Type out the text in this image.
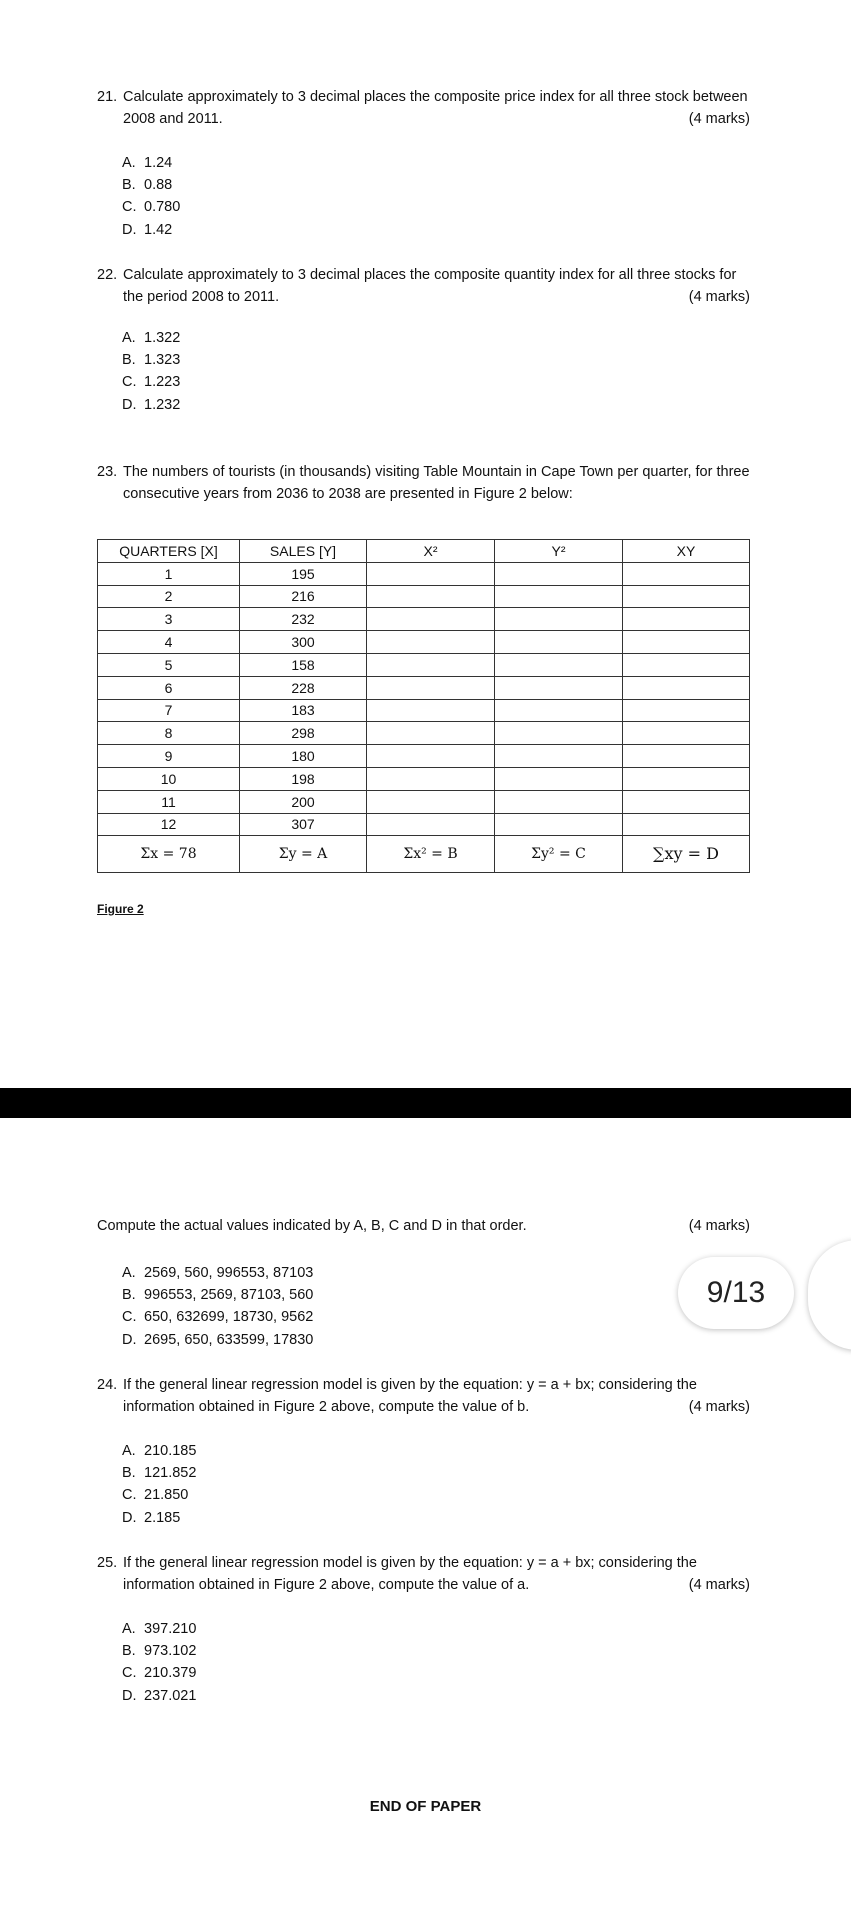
21. Calculate approximately to 3 decimal places the composite price index for all three stock between 2008 and 2011.	(4 marks)
A. 1.24
B. 0.88
C. 0.780
D. 1.42
22. Calculate approximately to 3 decimal places the composite quantity index for all three stocks for the period 2008 to 2011.	(4 marks)
A. 1.322
B. 1.323
C. 1.223
D. 1.232
23. The numbers of tourists (in thousands) visiting Table Mountain in Cape Town per quarter, for three consecutive years from 2036 to 2038 are presented in Figure 2 below:
QUARTERS [X]	SALES [Y]	X²	Y²	XY
1	195			
2	216			
3	232			
4	300			
5	158			
6	228			
7	183			
8	298			
9	180			
10	198			
11	200			
12	307			
Σx = 78	Σy = A	Σx² = B	Σy² = C	∑xy = D
Figure 2
Compute the actual values indicated by A, B, C and D in that order.	(4 marks)
A. 2569, 560, 996553, 87103
B. 996553, 2569, 87103, 560
C. 650, 632699, 18730, 9562
D. 2695, 650, 633599, 17830
24. If the general linear regression model is given by the equation: y = a + bx; considering the information obtained in Figure 2 above, compute the value of b.	(4 marks)
A. 210.185
B. 121.852
C. 21.850
D. 2.185
25. If the general linear regression model is given by the equation: y = a + bx; considering the information obtained in Figure 2 above, compute the value of a.	(4 marks)
A. 397.210
B. 973.102
C. 210.379
D. 237.021
END OF PAPER
9/13
